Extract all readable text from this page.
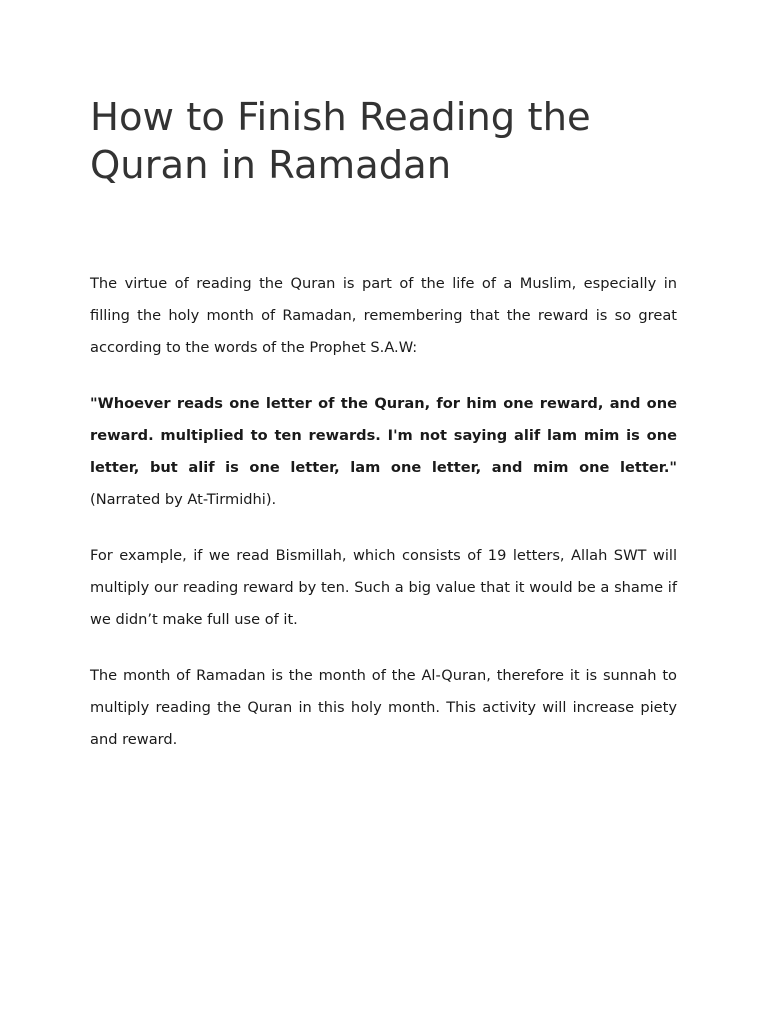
How to Finish Reading the Quran in Ramadan

The virtue of reading the Quran is part of the life of a Muslim, especially in filling the holy month of Ramadan, remembering that the reward is so great according to the words of the Prophet S.A.W:

"Whoever reads one letter of the Quran, for him one reward, and one reward. multiplied to ten rewards. I'm not saying alif lam mim is one letter, but alif is one letter, lam one letter, and mim one letter." (Narrated by At-Tirmidhi).

For example, if we read Bismillah, which consists of 19 letters, Allah SWT will multiply our reading reward by ten. Such a big value that it would be a shame if we didn’t make full use of it.

The month of Ramadan is the month of the Al-Quran, therefore it is sunnah to multiply reading the Quran in this holy month. This activity will increase piety and reward.
